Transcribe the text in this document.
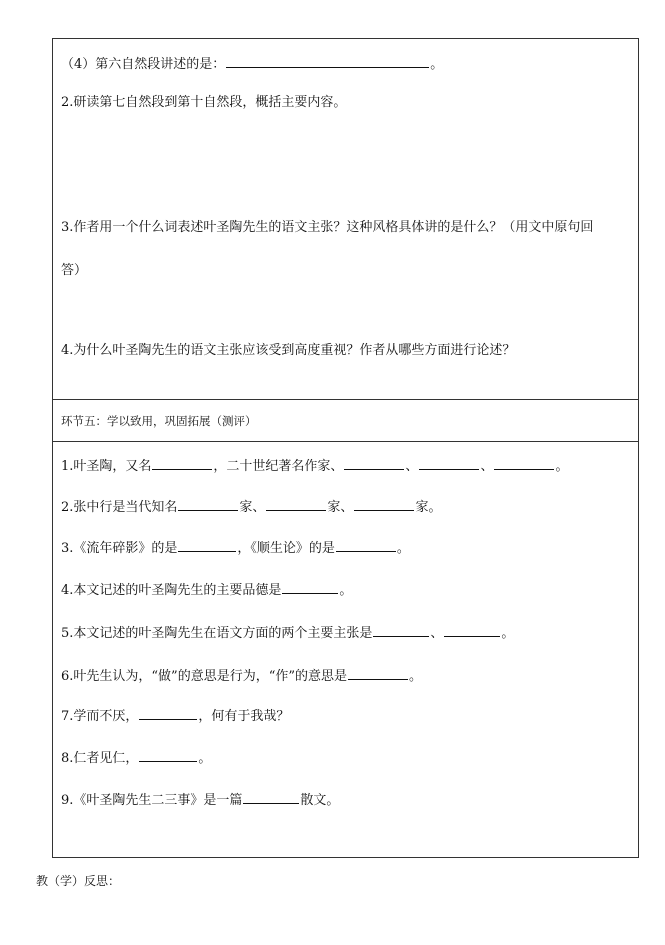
（4）第六自然段讲述的是：	。
2.研读第七自然段到第十自然段，概括主要内容。
3.作者用一个什么词表述叶圣陶先生的语文主张？这种风格具体讲的是什么？（用文中原句回
答）
4.为什么叶圣陶先生的语文主张应该受到高度重视？作者从哪些方面进行论述？
环节五：学以致用，巩固拓展（测评）
1.叶圣陶，又名	，二十世纪著名作家、	、	、	。
2.张中行是当代知名	家、	家、	家。
3.《流年碎影》的是	，《顺生论》的是	。
4.本文记述的叶圣陶先生的主要品德是	。
5.本文记述的叶圣陶先生在语文方面的两个主要主张是	、	。
6.叶先生认为，“做”的意思是行为，“作”的意思是	。
7.学而不厌，	，何有于我哉？
8.仁者见仁，	。
9.《叶圣陶先生二三事》是一篇	散文。
教（学）反思：
